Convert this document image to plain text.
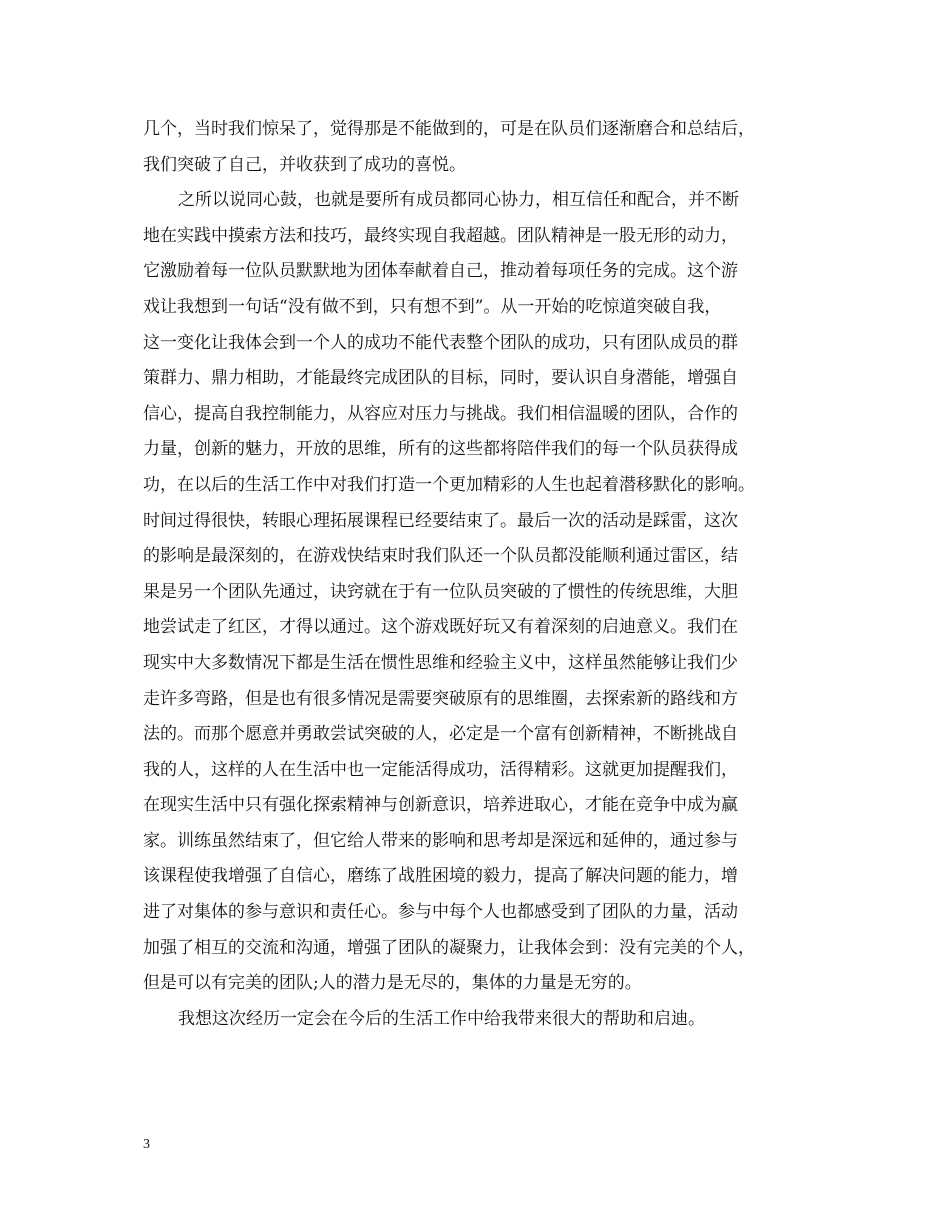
几个，当时我们惊呆了，觉得那是不能做到的，可是在队员们逐渐磨合和总结后，
我们突破了自己，并收获到了成功的喜悦。
之所以说同心鼓，也就是要所有成员都同心协力，相互信任和配合，并不断
地在实践中摸索方法和技巧，最终实现自我超越。团队精神是一股无形的动力，
它激励着每一位队员默默地为团体奉献着自己，推动着每项任务的完成。这个游
戏让我想到一句话“没有做不到，只有想不到”。从一开始的吃惊道突破自我，
这一变化让我体会到一个人的成功不能代表整个团队的成功，只有团队成员的群
策群力、鼎力相助，才能最终完成团队的目标，同时，要认识自身潜能，增强自
信心，提高自我控制能力，从容应对压力与挑战。我们相信温暖的团队，合作的
力量，创新的魅力，开放的思维，所有的这些都将陪伴我们的每一个队员获得成
功，在以后的生活工作中对我们打造一个更加精彩的人生也起着潜移默化的影响。
时间过得很快，转眼心理拓展课程已经要结束了。最后一次的活动是踩雷，这次
的影响是最深刻的，在游戏快结束时我们队还一个队员都没能顺利通过雷区，结
果是另一个团队先通过，诀窍就在于有一位队员突破的了惯性的传统思维，大胆
地尝试走了红区，才得以通过。这个游戏既好玩又有着深刻的启迪意义。我们在
现实中大多数情况下都是生活在惯性思维和经验主义中，这样虽然能够让我们少
走许多弯路，但是也有很多情况是需要突破原有的思维圈，去探索新的路线和方
法的。而那个愿意并勇敢尝试突破的人，必定是一个富有创新精神，不断挑战自
我的人，这样的人在生活中也一定能活得成功，活得精彩。这就更加提醒我们，
在现实生活中只有强化探索精神与创新意识，培养进取心，才能在竞争中成为赢
家。训练虽然结束了，但它给人带来的影响和思考却是深远和延伸的，通过参与
该课程使我增强了自信心，磨练了战胜困境的毅力，提高了解决问题的能力，增
进了对集体的参与意识和责任心。参与中每个人也都感受到了团队的力量，活动
加强了相互的交流和沟通，增强了团队的凝聚力，让我体会到：没有完美的个人，
但是可以有完美的团队;人的潜力是无尽的，集体的力量是无穷的。
我想这次经历一定会在今后的生活工作中给我带来很大的帮助和启迪。
3
